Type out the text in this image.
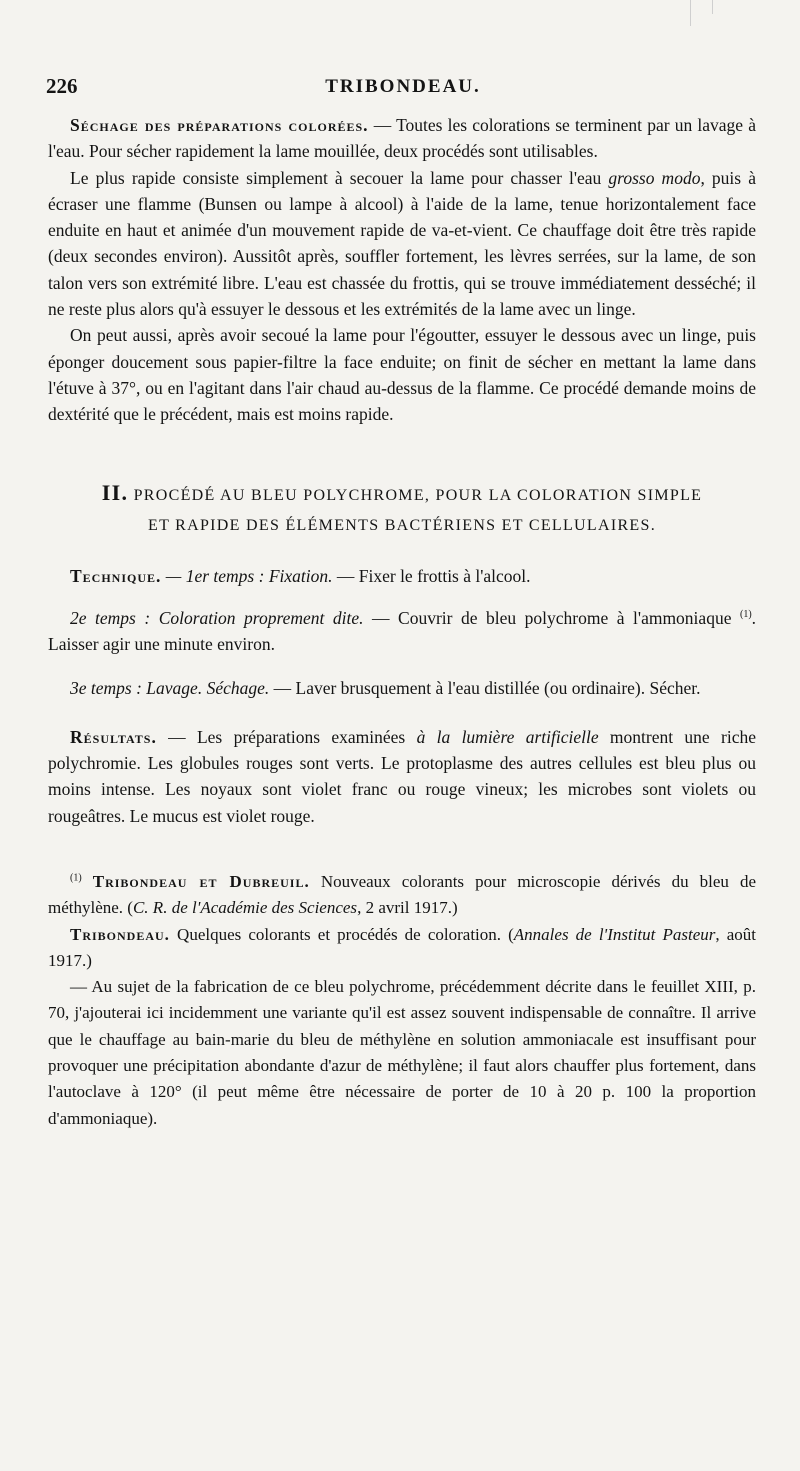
226	TRIBONDEAU.

Séchage des préparations colorées. — Toutes les colorations se terminent par un lavage à l'eau. Pour sécher rapidement la lame mouillée, deux procédés sont utilisables.

Le plus rapide consiste simplement à secouer la lame pour chasser l'eau grosso modo, puis à écraser une flamme (Bunsen ou lampe à alcool) à l'aide de la lame, tenue horizontalement face enduite en haut et animée d'un mouvement rapide de va-et-vient. Ce chauffage doit être très rapide (deux secondes environ). Aussitôt après, souffler fortement, les lèvres serrées, sur la lame, de son talon vers son extrémité libre. L'eau est chassée du frottis, qui se trouve immédiatement desséché; il ne reste plus alors qu'à essuyer le dessous et les extrémités de la lame avec un linge.

On peut aussi, après avoir secoué la lame pour l'égoutter, essuyer le dessous avec un linge, puis éponger doucement sous papier-filtre la face enduite; on finit de sécher en mettant la lame dans l'étuve à 37°, ou en l'agitant dans l'air chaud au-dessus de la flamme. Ce procédé demande moins de dextérité que le précédent, mais est moins rapide.

II. PROCÉDÉ AU BLEU POLYCHROME, POUR LA COLORATION SIMPLE
ET RAPIDE DES ÉLÉMENTS BACTÉRIENS ET CELLULAIRES.

Technique. — 1er temps : Fixation. — Fixer le frottis à l'alcool.

2e temps : Coloration proprement dite. — Couvrir de bleu polychrome à l'ammoniaque $^{(1)}$. Laisser agir une minute environ.

3e temps : Lavage. Séchage. — Laver brusquement à l'eau distillée (ou ordinaire). Sécher.

Résultats. — Les préparations examinées à la lumière artificielle montrent une riche polychromie. Les globules rouges sont verts. Le protoplasme des autres cellules est bleu plus ou moins intense. Les noyaux sont violet franc ou rouge vineux; les microbes sont violets ou rougeâtres. Le mucus est violet rouge.

$^{(1)}$ Tribondeau et Dubreuil. Nouveaux colorants pour microscopie dérivés du bleu de méthylène. (C. R. de l'Académie des Sciences, 2 avril 1917.)

Tribondeau. Quelques colorants et procédés de coloration. (Annales de l'Institut Pasteur, août 1917.)

— Au sujet de la fabrication de ce bleu polychrome, précédemment décrite dans le feuillet XIII, p. 70, j'ajouterai ici incidemment une variante qu'il est assez souvent indispensable de connaître. Il arrive que le chauffage au bain-marie du bleu de méthylène en solution ammoniacale est insuffisant pour provoquer une précipitation abondante d'azur de méthylène; il faut alors chauffer plus fortement, dans l'autoclave à 120° (il peut même être nécessaire de porter de 10 à 20 p. 100 la proportion d'ammoniaque).
